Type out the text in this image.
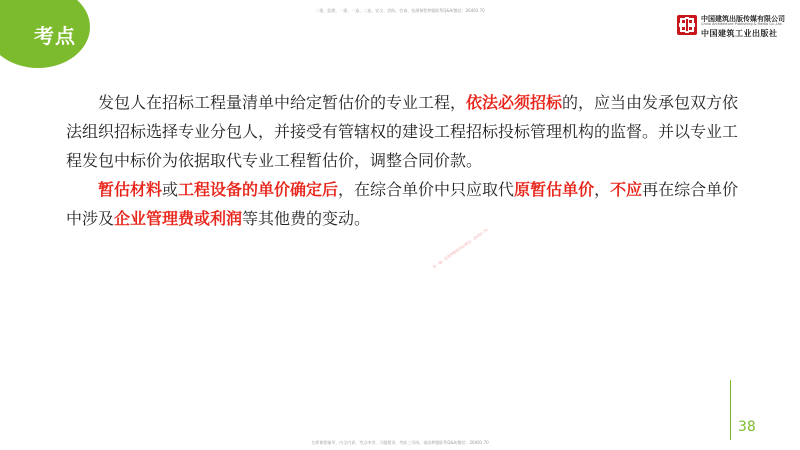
考点
二建、监理、一建、一造、二造、安全、消防、咨询、检测课程押题联系Q&A/微信：26491 70
中国建筑出版传媒有限公司
China Architecture Publishing & Media Co.,Ltd.
中国建筑工业出版社

发包人在招标工程量清单中给定暂估价的专业工程，依法必须招标的，应当由发承包双方依法组织招标选择专业分包人，并接受有管辖权的建设工程招标投标管理机构的监督。并以专业工程发包中标价为依据取代专业工程暂估价，调整合同价款。

暂估材料或工程设备的单价确定后，在综合单价中只应取代原暂估单价，不应再在综合单价中涉及企业管理费或利润等其他费的变动。

加一建、监理押题联系Q/微信：26491 70
38
名师课程辅导、内全内训、考点串讲、习题精讲、考前三页纸、请添押题联系Q&A/微信：26491 70
